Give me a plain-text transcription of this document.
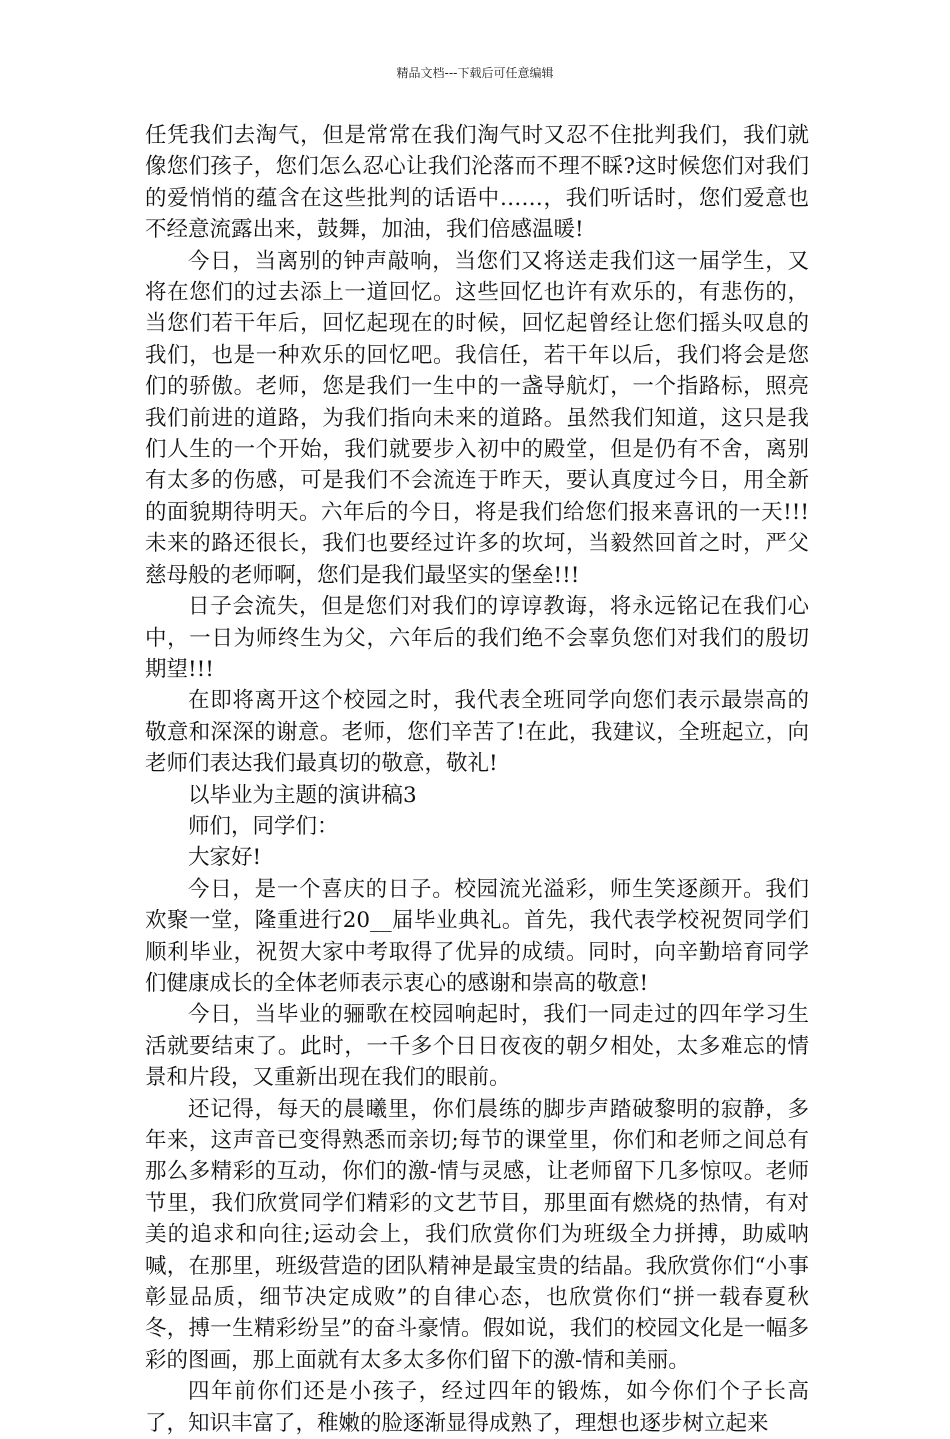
精品文档---下载后可任意编辑

任凭我们去淘气，但是常常在我们淘气时又忍不住批判我们，我们就像您们孩子，您们怎么忍心让我们沦落而不理不睬?这时候您们对我们的爱悄悄的蕴含在这些批判的话语中……，我们听话时，您们爱意也不经意流露出来，鼓舞，加油，我们倍感温暖!

今日，当离别的钟声敲响，当您们又将送走我们这一届学生，又将在您们的过去添上一道回忆。这些回忆也许有欢乐的，有悲伤的，当您们若干年后，回忆起现在的时候，回忆起曾经让您们摇头叹息的我们，也是一种欢乐的回忆吧。我信任，若干年以后，我们将会是您们的骄傲。老师，您是我们一生中的一盏导航灯，一个指路标，照亮我们前进的道路，为我们指向未来的道路。虽然我们知道，这只是我们人生的一个开始，我们就要步入初中的殿堂，但是仍有不舍，离别有太多的伤感，可是我们不会流连于昨天，要认真度过今日，用全新的面貌期待明天。六年后的今日，将是我们给您们报来喜讯的一天!!!未来的路还很长，我们也要经过许多的坎坷，当毅然回首之时，严父慈母般的老师啊，您们是我们最坚实的堡垒!!!

日子会流失，但是您们对我们的谆谆教诲，将永远铭记在我们心中，一日为师终生为父，六年后的我们绝不会辜负您们对我们的殷切期望!!!

在即将离开这个校园之时，我代表全班同学向您们表示最崇高的敬意和深深的谢意。老师，您们辛苦了!在此，我建议，全班起立，向老师们表达我们最真切的敬意，敬礼!

以毕业为主题的演讲稿3

师们，同学们：

大家好!

今日，是一个喜庆的日子。校园流光溢彩，师生笑逐颜开。我们欢聚一堂，隆重进行20__届毕业典礼。首先，我代表学校祝贺同学们顺利毕业，祝贺大家中考取得了优异的成绩。同时，向辛勤培育同学们健康成长的全体老师表示衷心的感谢和崇高的敬意!

今日，当毕业的骊歌在校园响起时，我们一同走过的四年学习生活就要结束了。此时，一千多个日日夜夜的朝夕相处，太多难忘的情景和片段，又重新出现在我们的眼前。

还记得，每天的晨曦里，你们晨练的脚步声踏破黎明的寂静，多年来，这声音已变得熟悉而亲切;每节的课堂里，你们和老师之间总有那么多精彩的互动，你们的激-情与灵感，让老师留下几多惊叹。老师节里，我们欣赏同学们精彩的文艺节目，那里面有燃烧的热情，有对美的追求和向往;运动会上，我们欣赏你们为班级全力拼搏，助威呐喊，在那里，班级营造的团队精神是最宝贵的结晶。我欣赏你们“小事彰显品质，细节决定成败”的自律心态，也欣赏你们“拼一载春夏秋冬，搏一生精彩纷呈”的奋斗豪情。假如说，我们的校园文化是一幅多彩的图画，那上面就有太多太多你们留下的激-情和美丽。

四年前你们还是小孩子，经过四年的锻炼，如今你们个子长高了，知识丰富了，稚嫩的脸逐渐显得成熟了，理想也逐步树立起来
